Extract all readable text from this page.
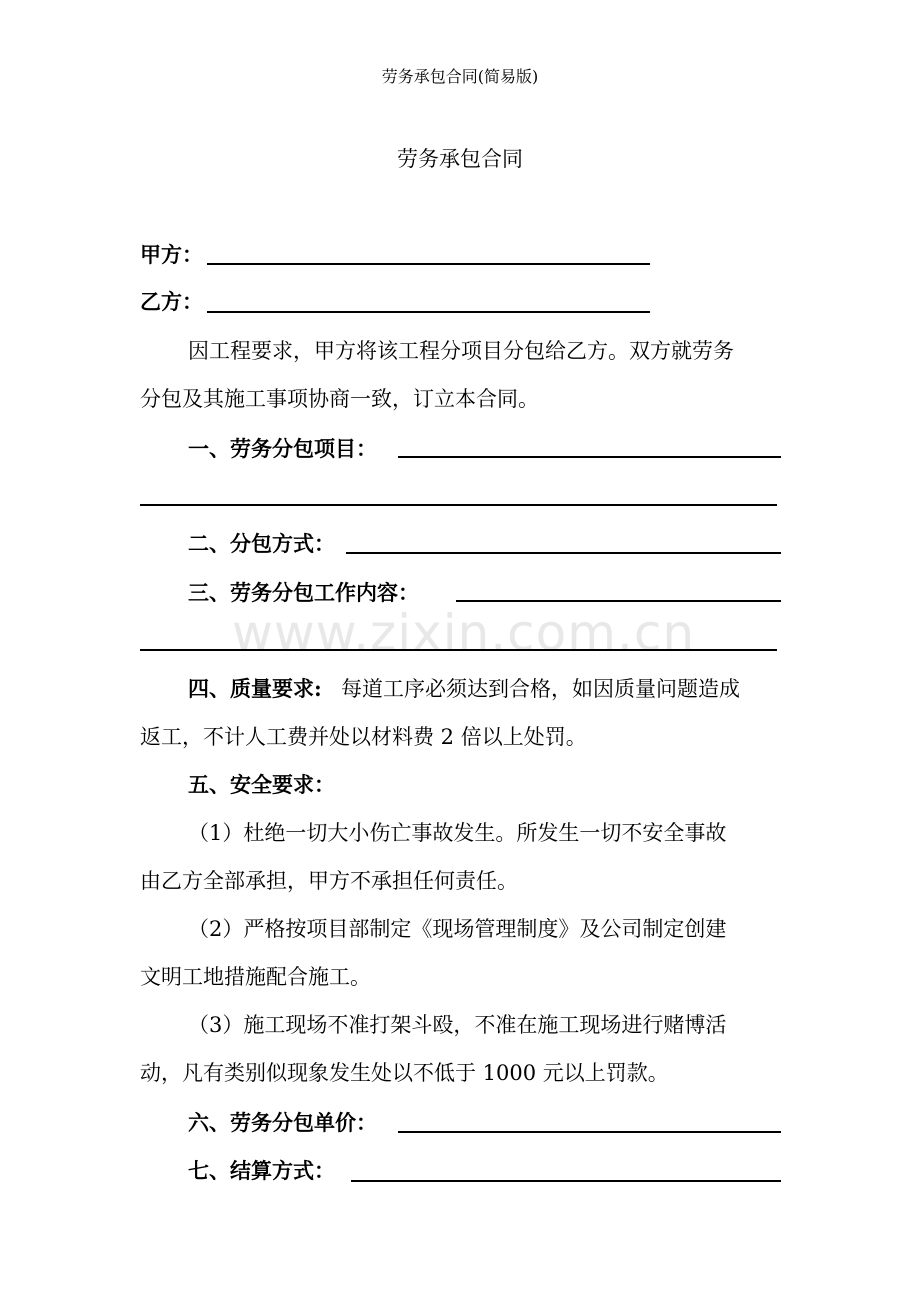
劳务承包合同(简易版)
劳务承包合同
甲方：
乙方：
因工程要求，甲方将该工程分项目分包给乙方。双方就劳务
分包及其施工事项协商一致，订立本合同。
一、劳务分包项目：
二、分包方式：
三、劳务分包工作内容：
www.zixin.com.cn
四、质量要求: 每道工序必须达到合格，如因质量问题造成
返工，不计人工费并处以材料费 2 倍以上处罚。
五、安全要求：
（1）杜绝一切大小伤亡事故发生。所发生一切不安全事故
由乙方全部承担，甲方不承担任何责任。
（2）严格按项目部制定《现场管理制度》及公司制定创建
文明工地措施配合施工。
（3）施工现场不准打架斗殴，不准在施工现场进行赌博活
动，凡有类别似现象发生处以不低于 1000 元以上罚款。
六、劳务分包单价：
七、结算方式：
